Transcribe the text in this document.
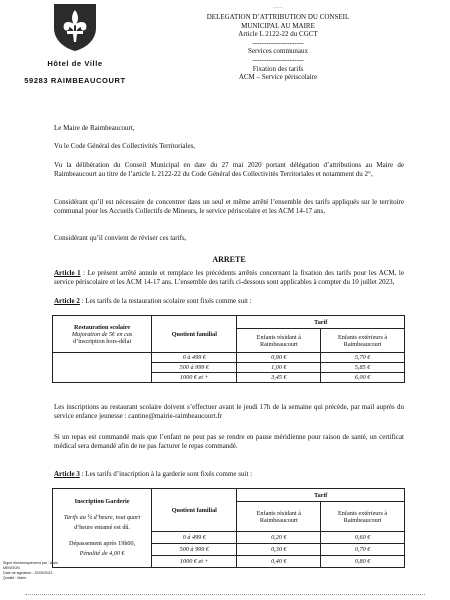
Hôtel de Ville
59283 RAIMBEAUCOURT
..........
DELEGATION D’ATTRIBUTION DU CONSEIL
MUNICIPAL AU MAIRE
Article L 2122-22 du CGCT
----------------------
Services communaux
----------------------
Fixation des tarifs
ACM – Service périscolaire
Le Maire de Raimbeaucourt,
Vu le Code Général des Collectivités Territoriales,
Vu la délibération du Conseil Municipal en date du 27 mai 2020 portant délégation d’attributions au Maire de Raimbeaucourt au titre de l’article L 2122-22 du Code Général des Collectivités Territoriales et notamment du 2°,
Considérant qu’il est nécessaire de concentrer dans un seul et même arrêté l’ensemble des tarifs appliqués sur le territoire communal pour les Accueils Collectifs de Mineurs, le service périscolaire et les ACM 14-17 ans,
Considérant qu’il convient de réviser ces tarifs,
ARRETE
Article 1 : Le présent arrêté annule et remplace les précédents arrêtés concernant la fixation des tarifs pour les ACM, le service périscolaire et les ACM 14-17 ans. L’ensemble des tarifs ci-dessous sont applicables à compter du 10 juillet 2023,
Article 2 : Les tarifs de la restauration scolaire sont fixés comme suit :
Restauration scolaire
Majoration de 5€ en cas
d’inscription hors-délai	Quotient familial	Tarif	
		Enfants résidant à Raimbeaucourt	Enfants extérieurs à Raimbeaucourt
	0 à 499 €	0,90 €	5,70 €
	500 à 999 €	1,00 €	5,85 €
	1000 € et +	3,45 €	6,00 €
Les inscriptions au restaurant scolaire doivent s’effectuer avant le jeudi 17h de la semaine qui précède, par mail auprès du service enfance jeunesse : cantine@mairie-raimbeaucourt.fr
Si un repas est commandé mais que l’enfant ne peut pas se rendre en pause méridienne pour raison de santé, un certificat médical sera demandé afin de ne pas facturer le repas commandé.
Article 3 : Les tarifs d’inscription à la garderie sont fixés comme suit :
Inscription Garderie
Tarifs au ¼ d’heure, tout quart
d’heure entamé est dû.
Dépassement après 19h00,
Pénalité de 4,00 €	Quotient familial	Tarif	
		Enfants résidant à Raimbeaucourt	Enfants extérieurs à Raimbeaucourt
	0 à 499 €	0,20 €	0,60 €
	500 à 999 €	0,30 €	0,70 €
	1000 € et +	0,40 €	0,80 €
Signé électroniquement par : Alain
MENISON
Date de signature : 22/05/2023
Qualité : Maire
